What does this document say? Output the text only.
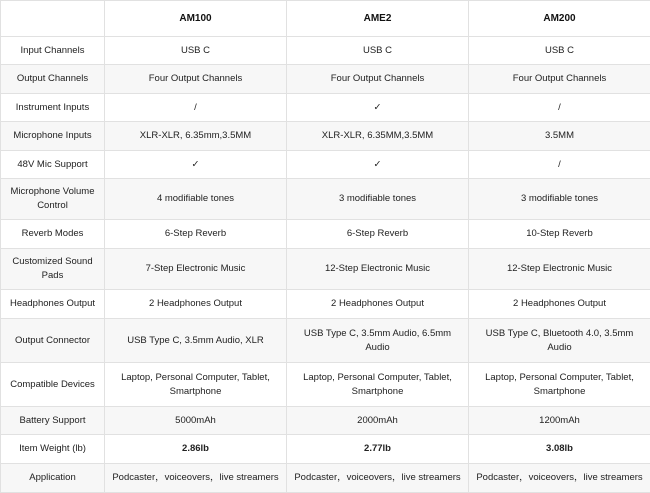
	AM100	AME2	AM200
Input Channels	USB C	USB C	USB C
Output Channels	Four Output Channels	Four Output Channels	Four Output Channels
Instrument Inputs	/	✓	/
Microphone Inputs	XLR-XLR, 6.35mm,3.5MM	XLR-XLR, 6.35MM,3.5MM	3.5MM
48V Mic Support	✓	✓	/
Microphone Volume Control	4 modifiable tones	3 modifiable tones	3 modifiable tones
Reverb Modes	6-Step Reverb	6-Step Reverb	10-Step Reverb
Customized Sound Pads	7-Step Electronic Music	12-Step Electronic Music	12-Step Electronic Music
Headphones Output	2 Headphones Output	2 Headphones Output	2 Headphones Output
Output Connector	USB Type C, 3.5mm Audio, XLR	USB Type C, 3.5mm Audio, 6.5mm Audio	USB Type C, Bluetooth 4.0, 3.5mm Audio
Compatible Devices	Laptop, Personal Computer, Tablet, Smartphone	Laptop, Personal Computer, Tablet, Smartphone	Laptop, Personal Computer, Tablet, Smartphone
Battery Support	5000mAh	2000mAh	1200mAh
Item Weight (lb)	2.86lb	2.77lb	3.08lb
Application	Podcaster，voiceovers，live streamers	Podcaster，voiceovers，live streamers	Podcaster，voiceovers，live streamers
